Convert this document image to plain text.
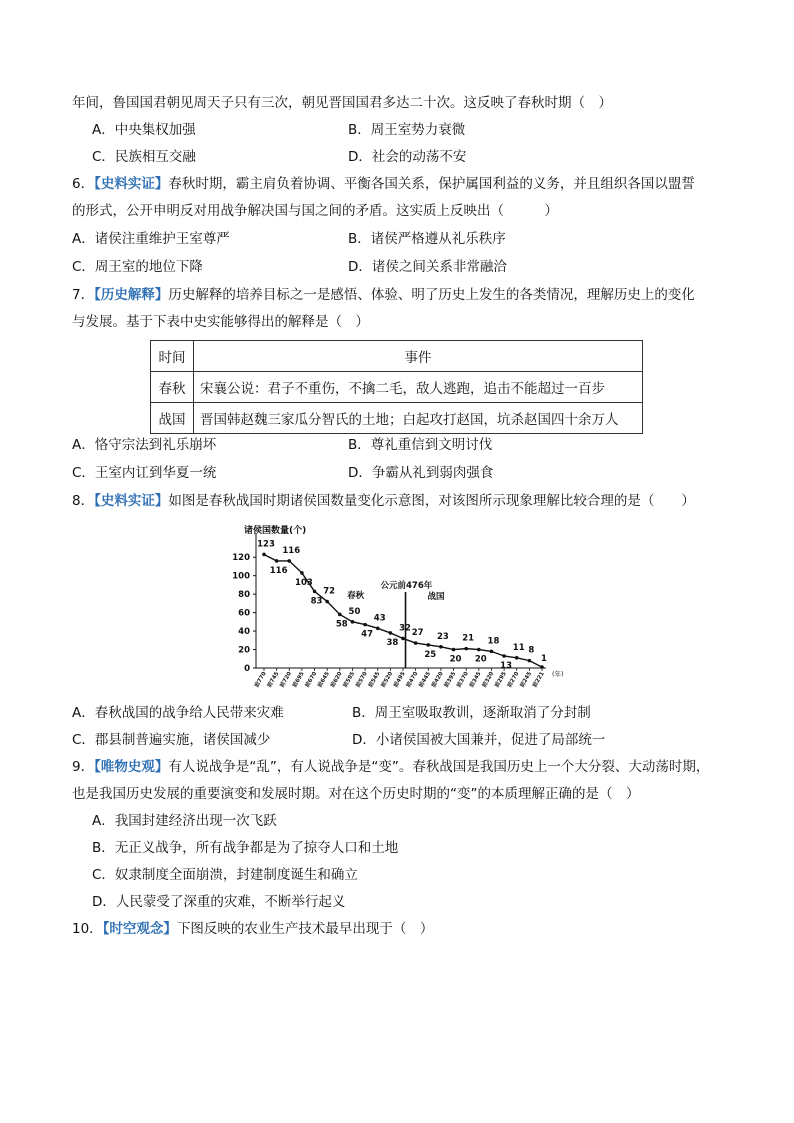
年间，鲁国国君朝见周天子只有三次，朝见晋国国君多达二十次。这反映了春秋时期（　）
A．中央集权加强	B．周王室势力衰微
C．民族相互交融	D．社会的动荡不安
6．【史料实证】春秋时期，霸主肩负着协调、平衡各国关系，保护属国利益的义务，并且组织各国以盟誓
的形式，公开申明反对用战争解决国与国之间的矛盾。这实质上反映出（　　　）
A．诸侯注重维护王室尊严	B．诸侯严格遵从礼乐秩序
C．周王室的地位下降	D．诸侯之间关系非常融洽
7．【历史解释】历史解释的培养目标之一是感悟、体验、明了历史上发生的各类情况，理解历史上的变化
与发展。基于下表中史实能够得出的解释是（　）
时间	事件
春秋	宋襄公说：君子不重伤，不擒二毛，敌人逃跑，追击不能超过一百步
战国	晋国韩赵魏三家瓜分智氏的土地；白起攻打赵国，坑杀赵国四十余万人
A．恪守宗法到礼乐崩坏	B．尊礼重信到文明讨伐
C．王室内讧到华夏一统	D．争霸从礼到弱肉强食
8．【史料实证】如图是春秋战国时期诸侯国数量变化示意图，对该图所示现象理解比较合理的是（　　）
诸侯国数量(个)
0
20
40
60
80
100
120
前770
前745
前720
前695
前670
前645
前620
前595
前570
前545
前520
前495
前470
前445
前420
前395
前370
前345
前320
前295
前270
前245
前221 (年)
公元前476年
春秋	战国
123
116
116
103
83
72
58
50
47
43
38
32 27
25
23
20
21
20
18
13
11 8
1
A．春秋战国的战争给人民带来灾难	B．周王室吸取教训，逐渐取消了分封制
C．郡县制普遍实施，诸侯国减少	D．小诸侯国被大国兼并，促进了局部统一
9．【唯物史观】有人说战争是“乱”，有人说战争是“变”。春秋战国是我国历史上一个大分裂、大动荡时期，
也是我国历史发展的重要演变和发展时期。对在这个历史时期的“变”的本质理解正确的是（　）
A．我国封建经济出现一次飞跃
B．无正义战争，所有战争都是为了掠夺人口和土地
C．奴隶制度全面崩溃，封建制度诞生和确立
D．人民蒙受了深重的灾难，不断举行起义
10．【时空观念】下图反映的农业生产技术最早出现于（　）
